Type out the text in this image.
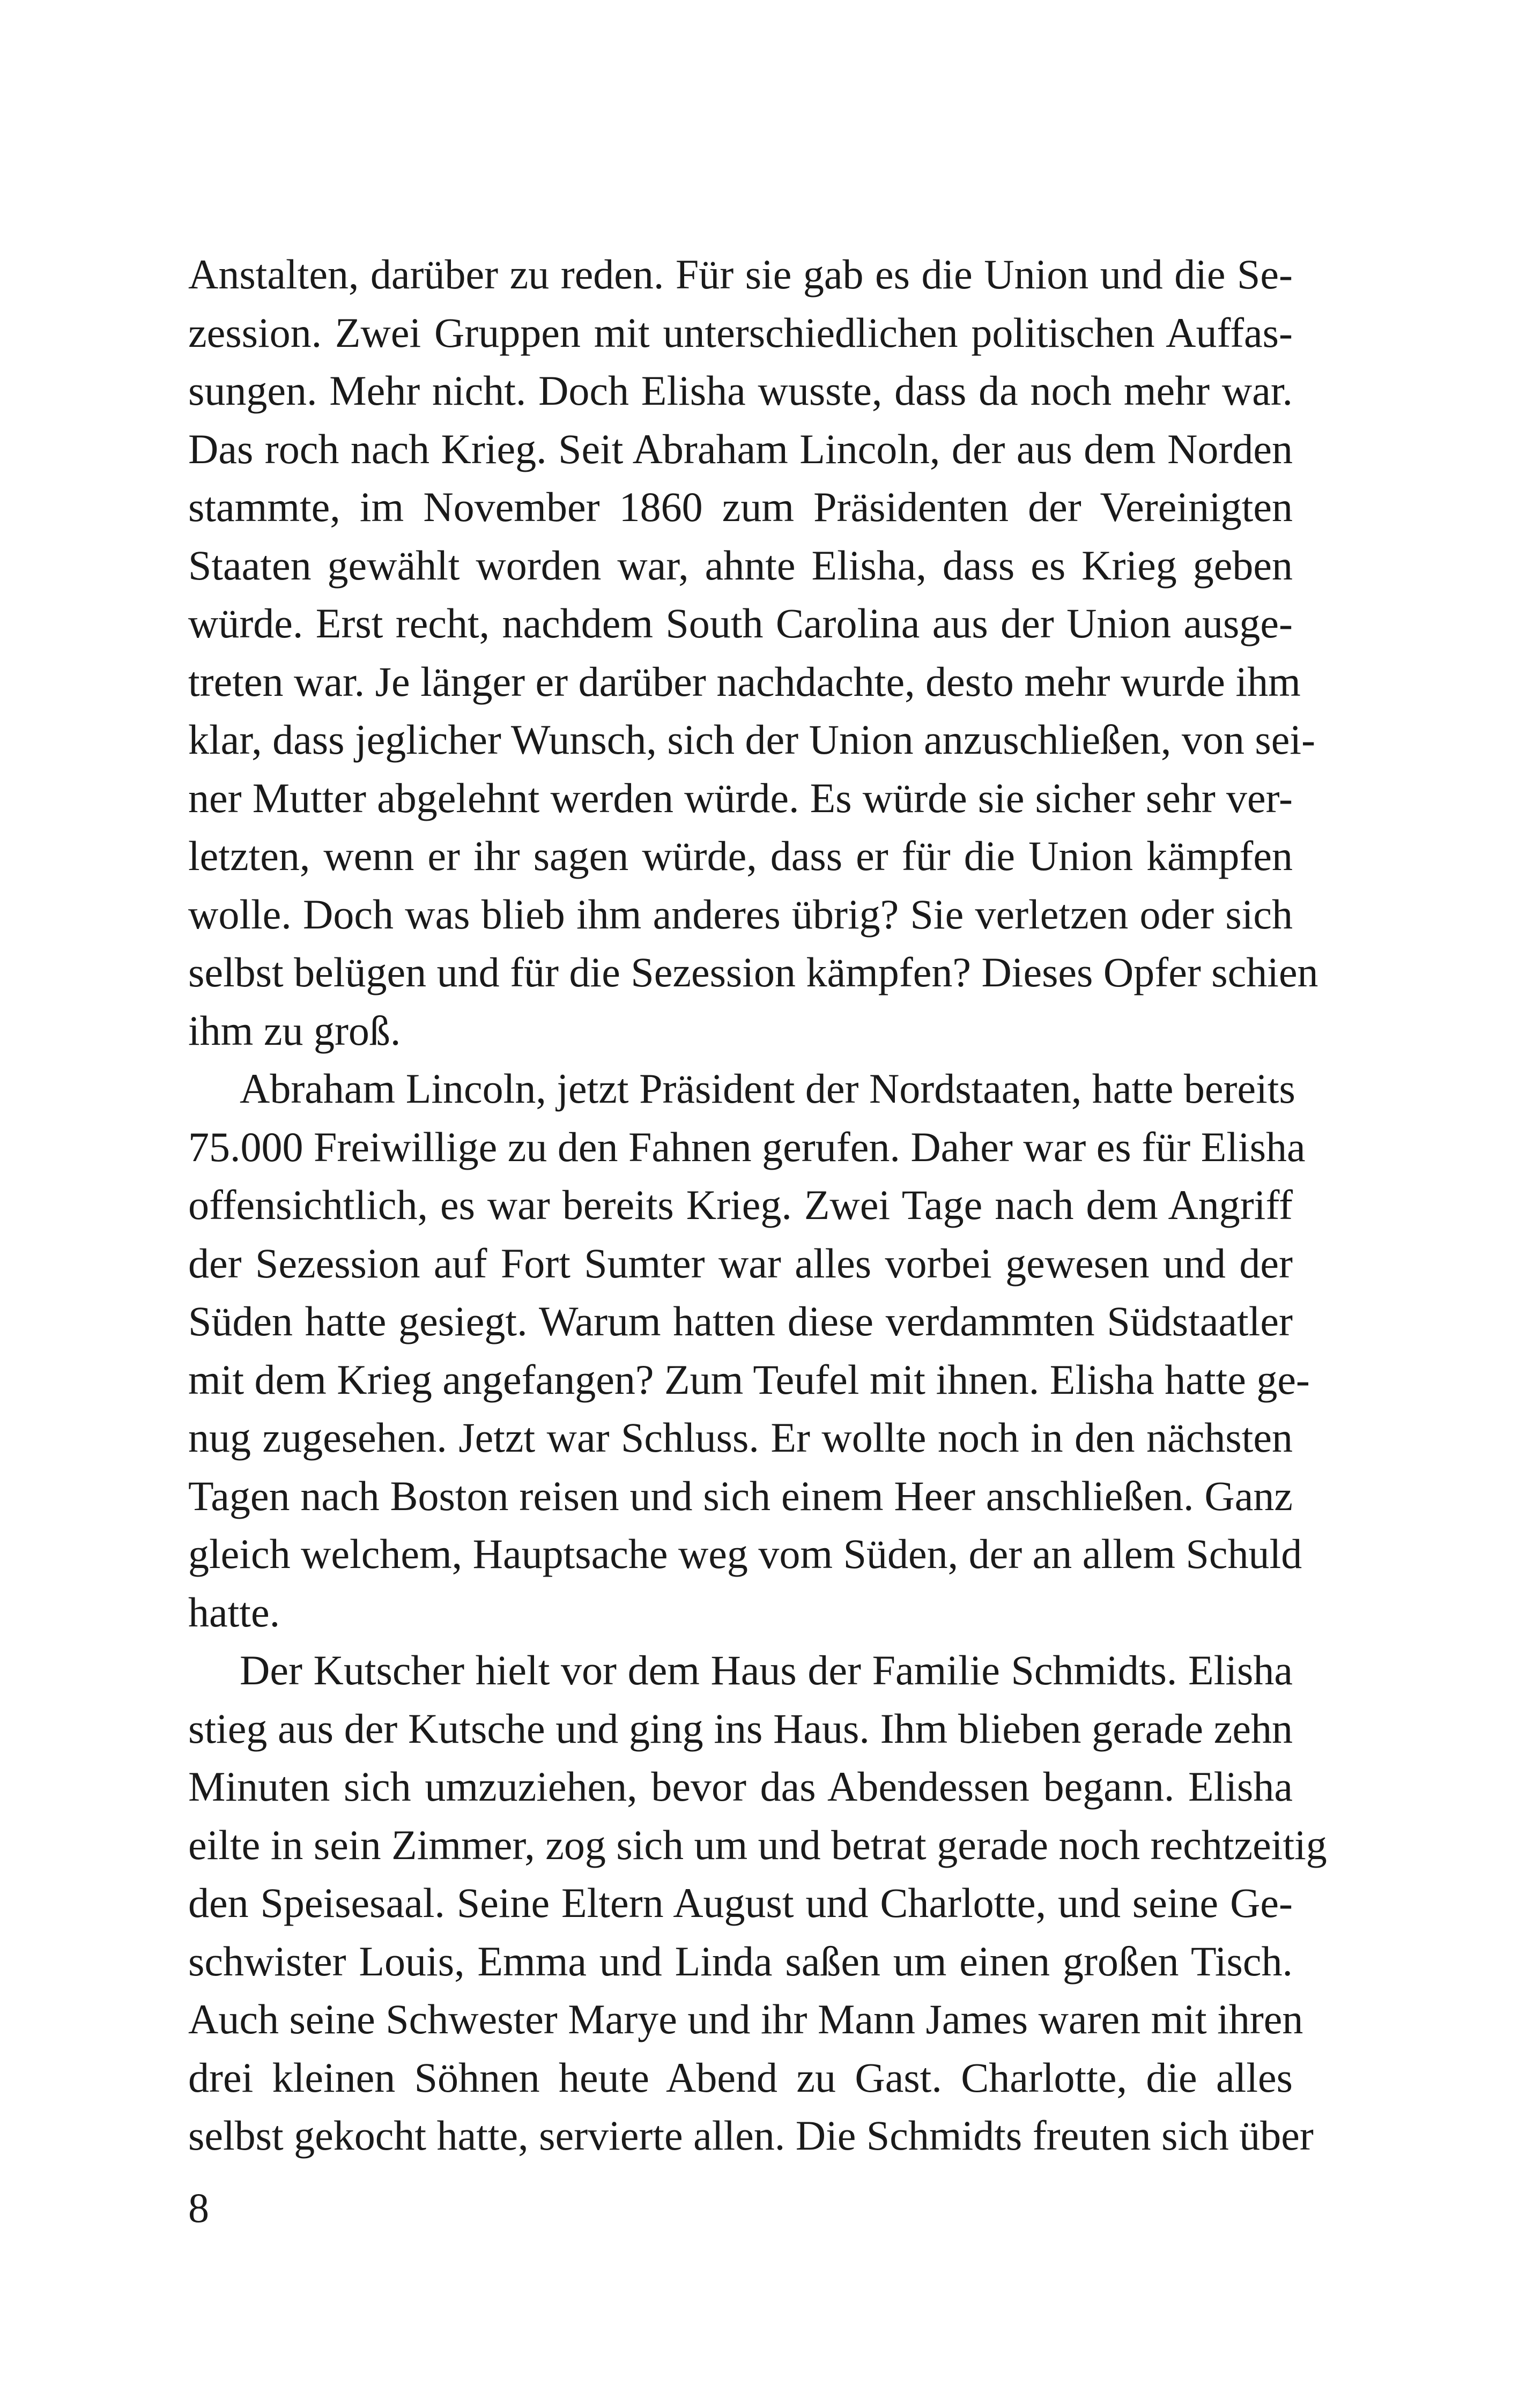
Anstalten, darüber zu reden. Für sie gab es die Union und die Se-
zession. Zwei Gruppen mit unterschiedlichen politischen Auffas-
sungen. Mehr nicht. Doch Elisha wusste, dass da noch mehr war.
Das roch nach Krieg. Seit Abraham Lincoln, der aus dem Norden
stammte, im November 1860 zum Präsidenten der Vereinigten
Staaten gewählt worden war, ahnte Elisha, dass es Krieg geben
würde. Erst recht, nachdem South Carolina aus der Union ausge-
treten war. Je länger er darüber nachdachte, desto mehr wurde ihm
klar, dass jeglicher Wunsch, sich der Union anzuschließen, von sei-
ner Mutter abgelehnt werden würde. Es würde sie sicher sehr ver-
letzten, wenn er ihr sagen würde, dass er für die Union kämpfen
wolle. Doch was blieb ihm anderes übrig? Sie verletzen oder sich
selbst belügen und für die Sezession kämpfen? Dieses Opfer schien
ihm zu groß.
Abraham Lincoln, jetzt Präsident der Nordstaaten, hatte bereits
75.000 Freiwillige zu den Fahnen gerufen. Daher war es für Elisha
offensichtlich, es war bereits Krieg. Zwei Tage nach dem Angriff
der Sezession auf Fort Sumter war alles vorbei gewesen und der
Süden hatte gesiegt. Warum hatten diese verdammten Südstaatler
mit dem Krieg angefangen? Zum Teufel mit ihnen. Elisha hatte ge-
nug zugesehen. Jetzt war Schluss. Er wollte noch in den nächsten
Tagen nach Boston reisen und sich einem Heer anschließen. Ganz
gleich welchem, Hauptsache weg vom Süden, der an allem Schuld
hatte.
Der Kutscher hielt vor dem Haus der Familie Schmidts. Elisha
stieg aus der Kutsche und ging ins Haus. Ihm blieben gerade zehn
Minuten sich umzuziehen, bevor das Abendessen begann. Elisha
eilte in sein Zimmer, zog sich um und betrat gerade noch rechtzeitig
den Speisesaal. Seine Eltern August und Charlotte, und seine Ge-
schwister Louis, Emma und Linda saßen um einen großen Tisch.
Auch seine Schwester Marye und ihr Mann James waren mit ihren
drei kleinen Söhnen heute Abend zu Gast. Charlotte, die alles
selbst gekocht hatte, servierte allen. Die Schmidts freuten sich über
8
